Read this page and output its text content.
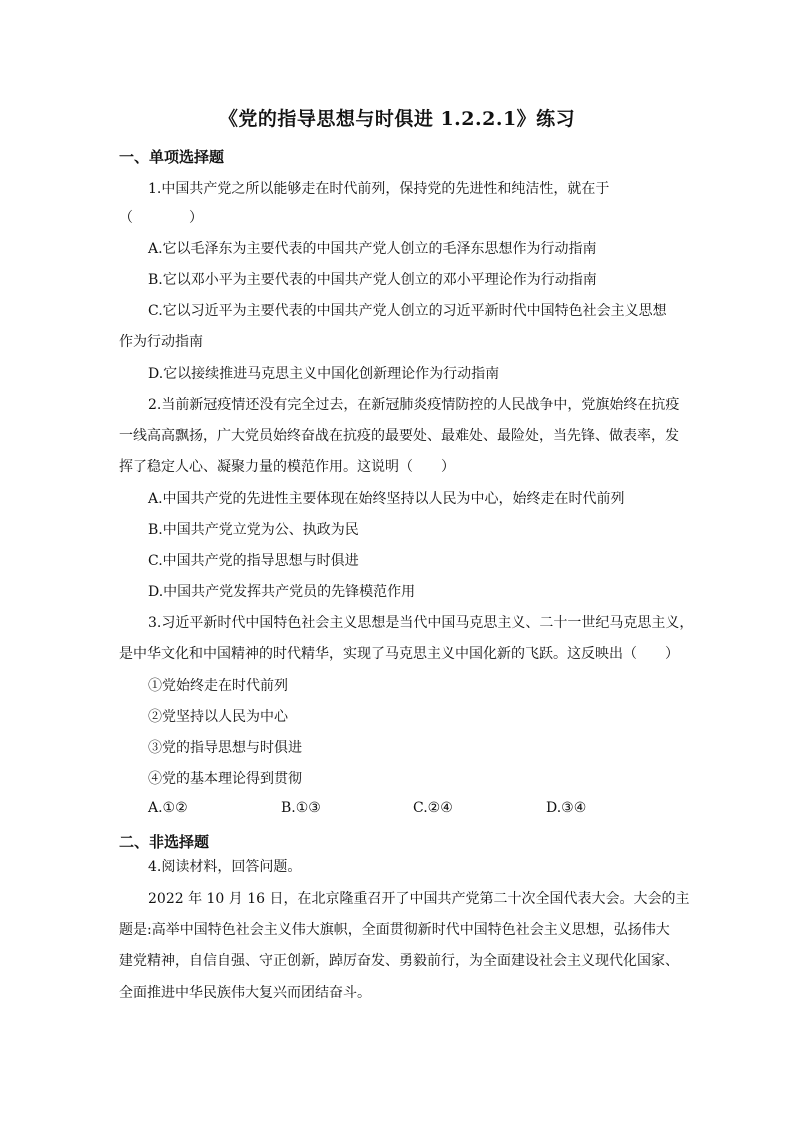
《党的指导思想与时俱进 1.2.2.1》练习
一、单项选择题
1.中国共产党之所以能够走在时代前列，保持党的先进性和纯洁性，就在于
（　　　　）
A.它以毛泽东为主要代表的中国共产党人创立的毛泽东思想作为行动指南
B.它以邓小平为主要代表的中国共产党人创立的邓小平理论作为行动指南
C.它以习近平为主要代表的中国共产党人创立的习近平新时代中国特色社会主义思想
作为行动指南
D.它以接续推进马克思主义中国化创新理论作为行动指南
2.当前新冠疫情还没有完全过去，在新冠肺炎疫情防控的人民战争中，党旗始终在抗疫
一线高高飘扬，广大党员始终奋战在抗疫的最要处、最难处、最险处，当先锋、做表率，发
挥了稳定人心、凝聚力量的模范作用。这说明（　　）
A.中国共产党的先进性主要体现在始终坚持以人民为中心，始终走在时代前列
B.中国共产党立党为公、执政为民
C.中国共产党的指导思想与时俱进
D.中国共产党发挥共产党员的先锋模范作用
3.习近平新时代中国特色社会主义思想是当代中国马克思主义、二十一世纪马克思主义，
是中华文化和中国精神的时代精华，实现了马克思主义中国化新的飞跃。这反映出（　　）
①党始终走在时代前列
②党坚持以人民为中心
③党的指导思想与时俱进
④党的基本理论得到贯彻
A.①②	B.①③	C.②④	D.③④
二、非选择题
4.阅读材料，回答问题。
2022 年 10 月 16 日，在北京隆重召开了中国共产党第二十次全国代表大会。大会的主
题是:高举中国特色社会主义伟大旗帜，全面贯彻新时代中国特色社会主义思想，弘扬伟大
建党精神，自信自强、守正创新，踔厉奋发、勇毅前行，为全面建设社会主义现代化国家、
全面推进中华民族伟大复兴而团结奋斗。
